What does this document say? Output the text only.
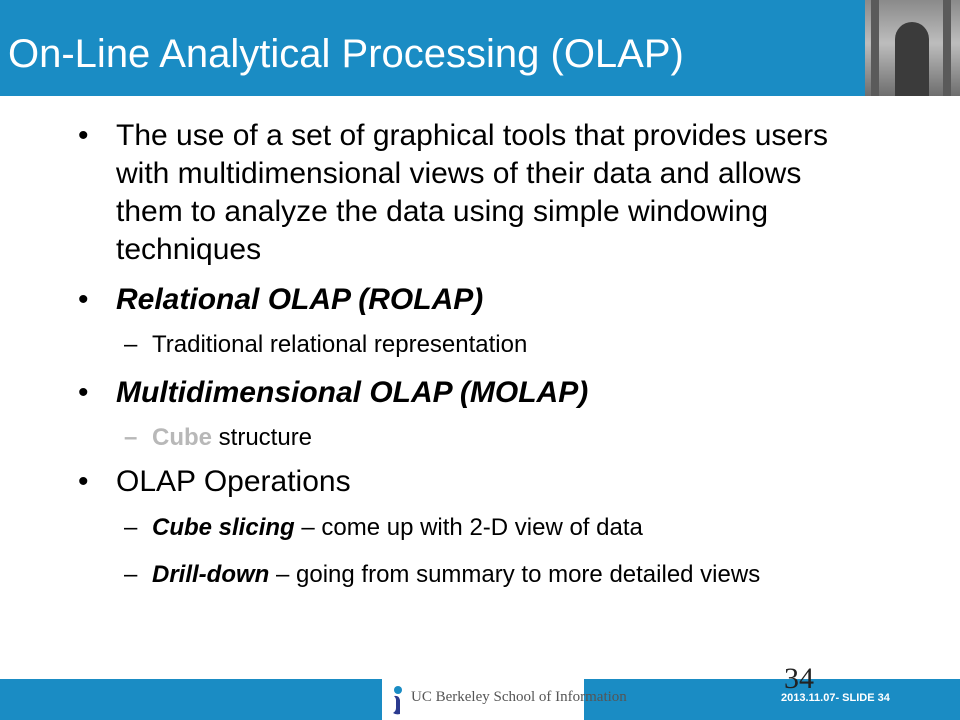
On-Line Analytical Processing (OLAP)
• The use of a set of graphical tools that provides users with multidimensional views of their data and allows them to analyze the data using simple windowing techniques
• Relational OLAP (ROLAP)
– Traditional relational representation
• Multidimensional OLAP (MOLAP)
– Cube structure
• OLAP Operations
– Cube slicing – come up with 2-D view of data
– Drill-down – going from summary to more detailed views
UC Berkeley School of Information
34
2013.11.07- SLIDE 34
